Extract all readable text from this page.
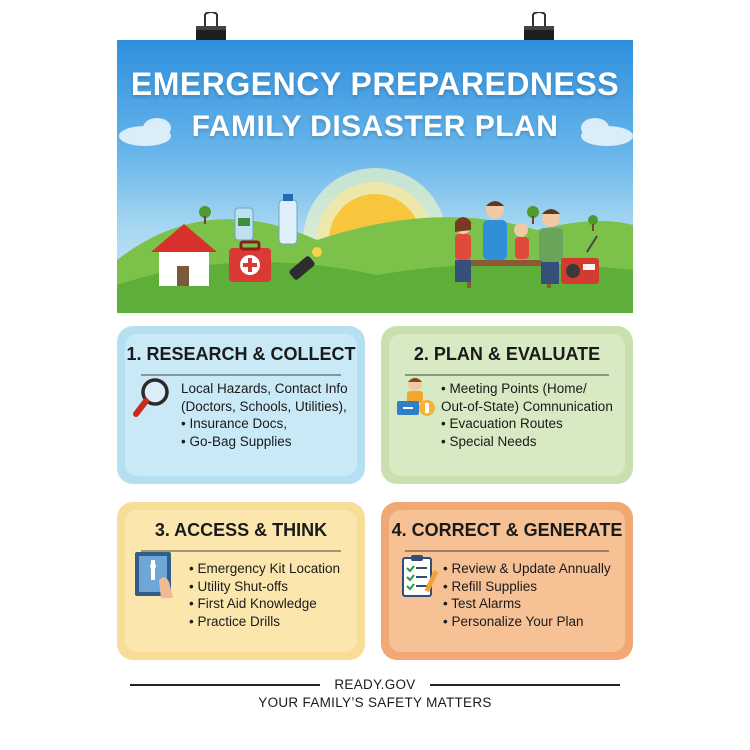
EMERGENCY PREPAREDNESS
FAMILY DISASTER PLAN
1. RESEARCH & COLLECT
Local Hazards, Contact Info
(Doctors, Schools, Utilities),
• Insurance Docs,
• Go-Bag Supplies
2. PLAN & EVALUATE
• Meeting Points (Home/
Out-of-State) Comnunication
• Evacuation Routes
• Special Needs
3. ACCESS & THINK
• Emergency Kit Location
• Utility Shut-offs
• First Aid Knowledge
• Practice Drills
4. CORRECT & GENERATE
• Review & Update Annually
• Refill Supplies
• Test Alarms
• Personalize Your Plan
READY.GOV
YOUR FAMILY’S SAFETY MATTERS
